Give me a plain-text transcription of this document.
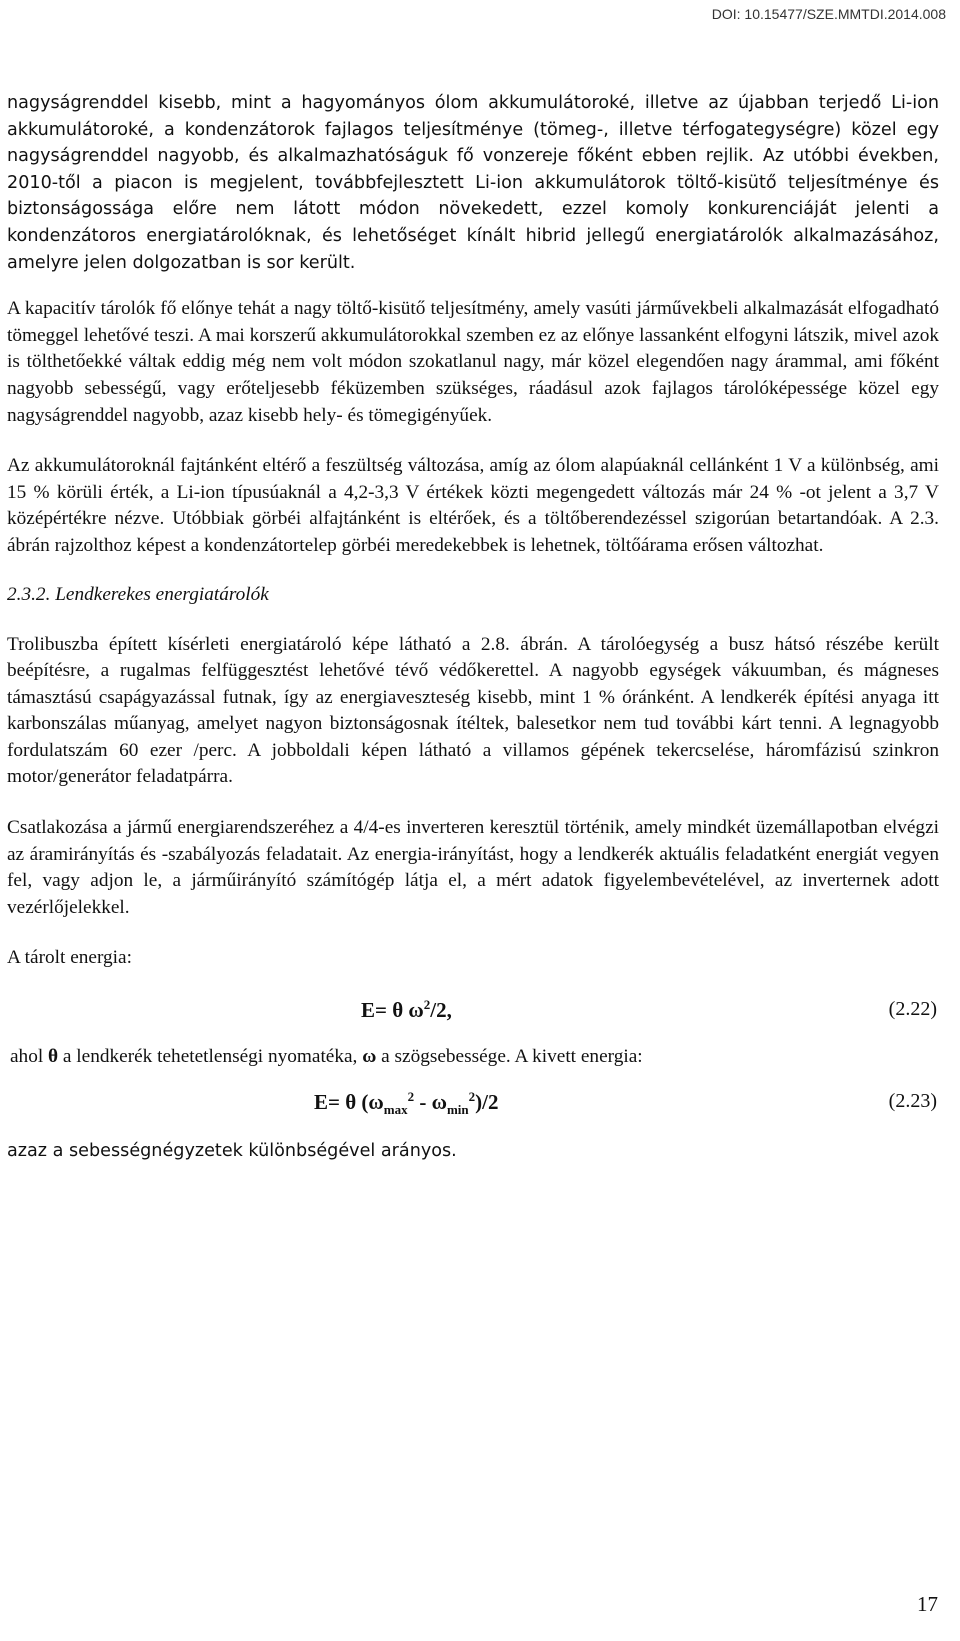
DOI: 10.15477/SZE.MMTDI.2014.008

nagyságrenddel kisebb, mint a hagyományos ólom akkumulátoroké, illetve az újabban terjedő Li-ion akkumulátoroké, a kondenzátorok fajlagos teljesítménye (tömeg-, illetve térfogategységre) közel egy nagyságrenddel nagyobb, és alkalmazhatóságuk fő vonzereje főként ebben rejlik. Az utóbbi években, 2010-től a piacon is megjelent, továbbfejlesztett Li-ion akkumulátorok töltő-kisütő teljesítménye és biztonságossága előre nem látott módon növekedett, ezzel komoly konkurenciáját jelenti a kondenzátoros energiatárolóknak, és lehetőséget kínált hibrid jellegű energiatárolók alkalmazásához, amelyre jelen dolgozatban is sor került.

A kapacitív tárolók fő előnye tehát a nagy töltő-kisütő teljesítmény, amely vasúti járművekbeli alkalmazását elfogadható tömeggel lehetővé teszi. A mai korszerű akkumulátorokkal szemben ez az előnye lassanként elfogyni látszik, mivel azok is tölthetőekké váltak eddig még nem volt módon szokatlanul nagy, már közel elegendően nagy árammal, ami főként nagyobb sebességű, vagy erőteljesebb féküzemben szükséges, ráadásul azok fajlagos tárolóképessége közel egy nagyságrenddel nagyobb, azaz kisebb hely- és tömegigényűek.

Az akkumulátoroknál fajtánként eltérő a feszültség változása, amíg az ólom alapúaknál cellánként 1 V a különbség, ami 15 % körüli érték, a Li-ion típusúaknál a 4,2-3,3 V értékek közti megengedett változás már 24 % -ot jelent a 3,7 V középértékre nézve. Utóbbiak görbéi alfajtánként is eltérőek, és a töltőberendezéssel szigorúan betartandóak. A 2.3. ábrán rajzolthoz képest a kondenzátortelep görbéi meredekebbek is lehetnek, töltőárama erősen változhat.

2.3.2. Lendkerekes energiatárolók

Trolibuszba épített kísérleti energiatároló képe látható a 2.8. ábrán. A tárolóegység a busz hátsó részébe került beépítésre, a rugalmas felfüggesztést lehetővé tévő védőkerettel. A nagyobb egységek vákuumban, és mágneses támasztású csapágyazással futnak, így az energiaveszteség kisebb, mint 1 % óránként. A lendkerék építési anyaga itt karbonszálas műanyag, amelyet nagyon biztonságosnak ítéltek, balesetkor nem tud további kárt tenni. A legnagyobb fordulatszám 60 ezer /perc. A jobboldali képen látható a villamos gépének tekercselése, háromfázisú szinkron motor/generátor feladatpárra.

Csatlakozása a jármű energiarendszeréhez a 4/4-es inverteren keresztül történik, amely mindkét üzemállapotban elvégzi az áramirányítás és -szabályozás feladatait. Az energia-irányítást, hogy a lendkerék aktuális feladatként energiát vegyen fel, vagy adjon le, a járműirányító számítógép látja el, a mért adatok figyelembevételével, az inverternek adott vezérlőjelekkel.

A tárolt energia:

E= θ $\omega^2/2$,	(2.22)
ahol θ a lendkerék tehetetlenségi nyomatéka, ω a szögsebessége. A kivett energia:
E= θ $(\omega_{max}^2 - \omega_{min}^2)/2$	(2.23)

azaz a sebességnégyzetek különbségével arányos.

17
